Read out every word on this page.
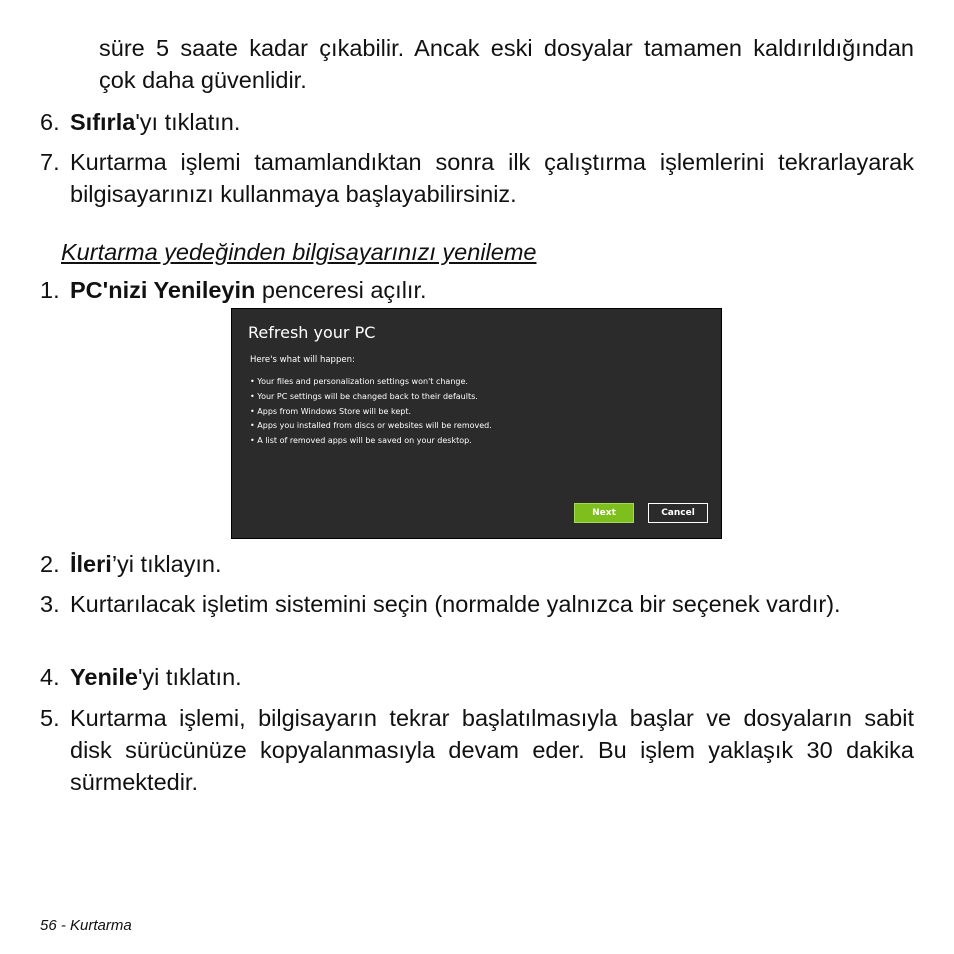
süre 5 saate kadar çıkabilir. Ancak eski dosyalar tamamen kaldırıldığından çok daha güvenlidir.
6. Sıfırla'yı tıklatın.
7. Kurtarma işlemi tamamlandıktan sonra ilk çalıştırma işlemlerini tekrarlayarak bilgisayarınızı kullanmaya başlayabilirsiniz.
Kurtarma yedeğinden bilgisayarınızı yenileme
1. PC'nizi Yenileyin penceresi açılır.
Refresh your PC
Here's what will happen:
• Your files and personalization settings won't change.
• Your PC settings will be changed back to their defaults.
• Apps from Windows Store will be kept.
• Apps you installed from discs or websites will be removed.
• A list of removed apps will be saved on your desktop.
Next	Cancel
2. İleri’yi tıklayın.
3. Kurtarılacak işletim sistemini seçin (normalde yalnızca bir seçenek vardır).
4. Yenile'yi tıklatın.
5. Kurtarma işlemi, bilgisayarın tekrar başlatılmasıyla başlar ve dosyaların sabit disk sürücünüze kopyalanmasıyla devam eder. Bu işlem yaklaşık 30 dakika sürmektedir.
56 - Kurtarma
